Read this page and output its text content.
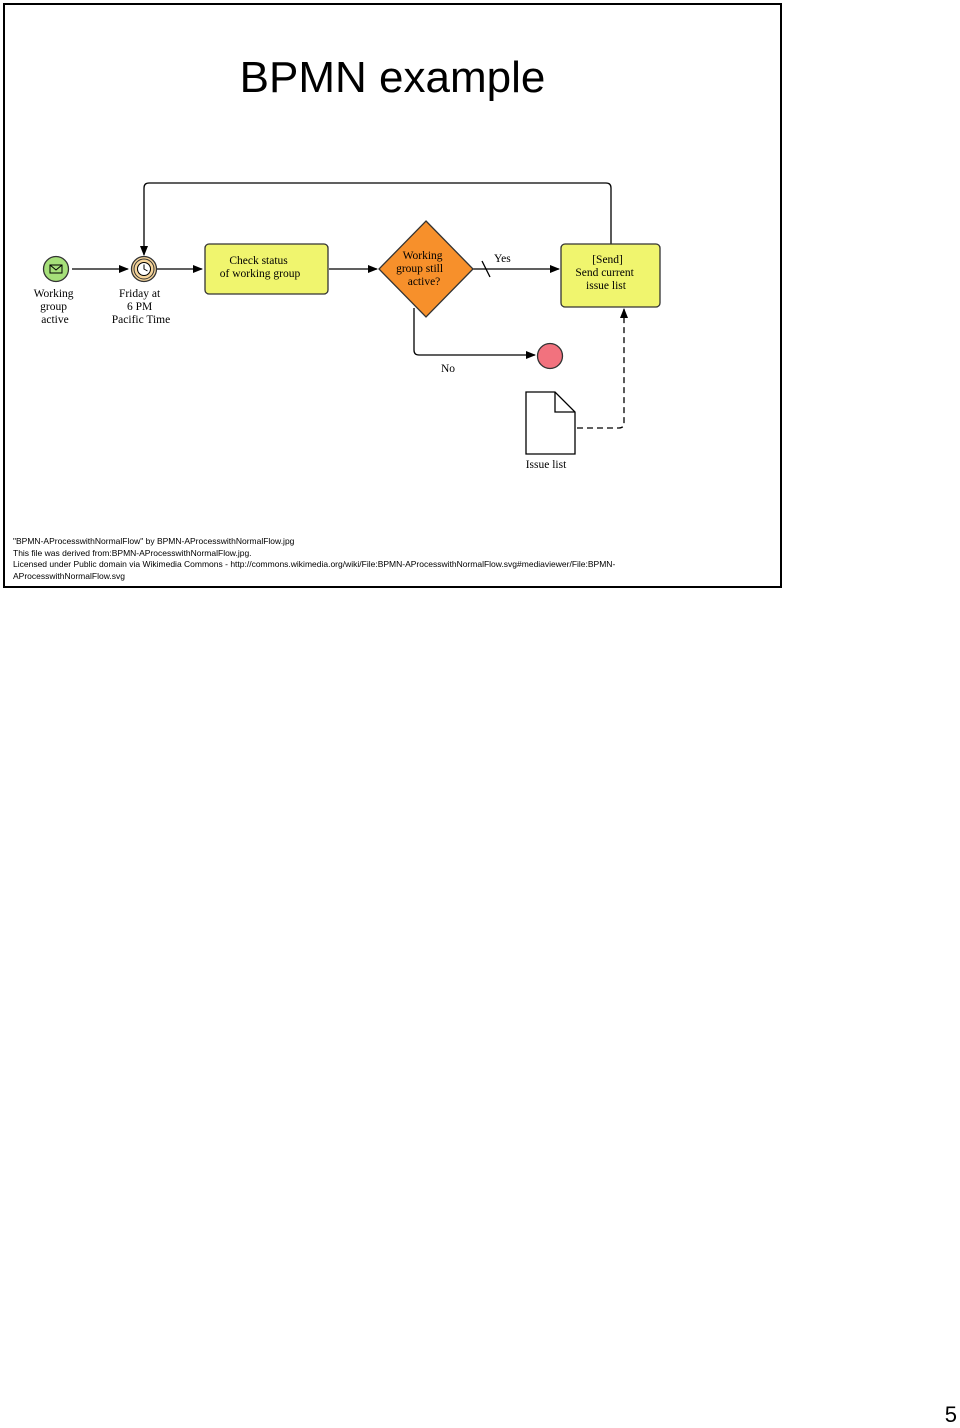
BPMN example
Working group active
Friday at 6 PM Pacific Time
Check status of working group
Working group still active?
Yes
No
[Send] Send current issue list
Issue list
"BPMN-AProcesswithNormalFlow" by BPMN-AProcesswithNormalFlow.jpg
This file was derived from:BPMN-AProcesswithNormalFlow.jpg.
Licensed under Public domain via Wikimedia Commons - http://commons.wikimedia.org/wiki/File:BPMN-AProcesswithNormalFlow.svg#mediaviewer/File:BPMN-
AProcesswithNormalFlow.svg
5
